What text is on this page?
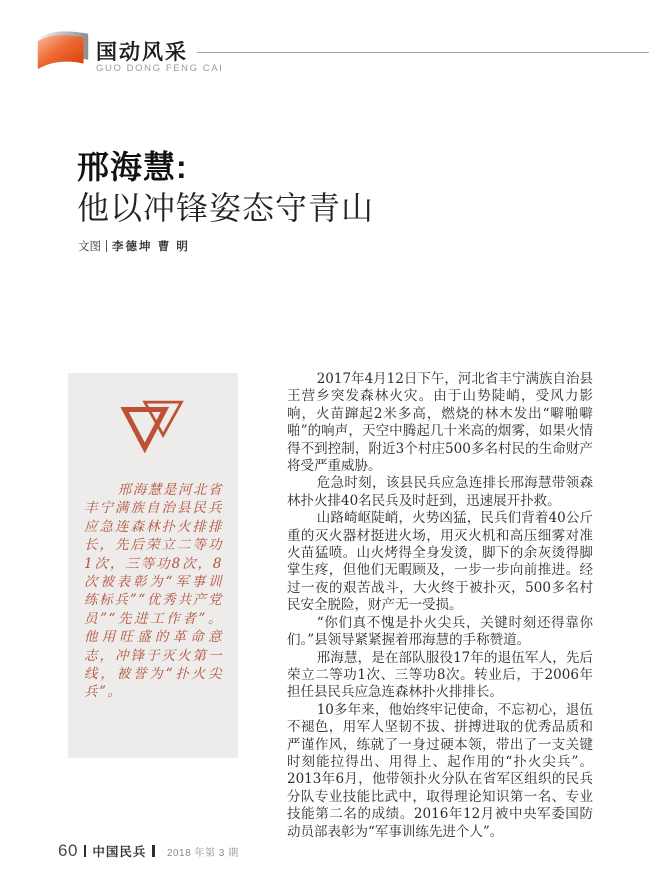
国动风采
GUO DONG FENG CAI
邢海慧:
他以冲锋姿态守青山
文图 李德坤 曹 明
邢海慧是河北省丰宁满族自治县民兵应急连森林扑火排排长，先后荣立二等功1次，三等功8次，8次被表彰为“军事训练标兵”“优秀共产党员”“先进工作者”。他用旺盛的革命意志，冲锋于灭火第一线，被誉为“扑火尖兵”。

2017年4月12日下午，河北省丰宁满族自治县王营乡突发森林火灾。由于山势陡峭，受风力影响，火苗蹿起2米多高，燃烧的林木发出“噼啪噼啪”的响声，天空中腾起几十米高的烟雾，如果火情得不到控制，附近3个村庄500多名村民的生命财产将受严重威胁。

危急时刻，该县民兵应急连排长邢海慧带领森林扑火排40名民兵及时赶到，迅速展开扑救。

山路崎岖陡峭，火势凶猛，民兵们背着40公斤重的灭火器材挺进火场，用灭火机和高压细雾对准火苗猛喷。山火烤得全身发烫，脚下的余灰烫得脚掌生疼，但他们无暇顾及，一步一步向前推进。经过一夜的艰苦战斗，大火终于被扑灭，500多名村民安全脱险，财产无一受损。

“你们真不愧是扑火尖兵，关键时刻还得靠你们。”县领导紧紧握着邢海慧的手称赞道。

邢海慧，是在部队服役17年的退伍军人，先后荣立二等功1次、三等功8次。转业后，于2006年担任县民兵应急连森林扑火排排长。

10多年来，他始终牢记使命，不忘初心，退伍不褪色，用军人坚韧不拔、拼搏进取的优秀品质和严谨作风，练就了一身过硬本领，带出了一支关键时刻能拉得出、用得上、起作用的“扑火尖兵”。2013年6月，他带领扑火分队在省军区组织的民兵分队专业技能比武中，取得理论知识第一名、专业技能第二名的成绩。2016年12月被中央军委国防动员部表彰为“军事训练先进个人”。

60 中国民兵 2018 年第 3 期
